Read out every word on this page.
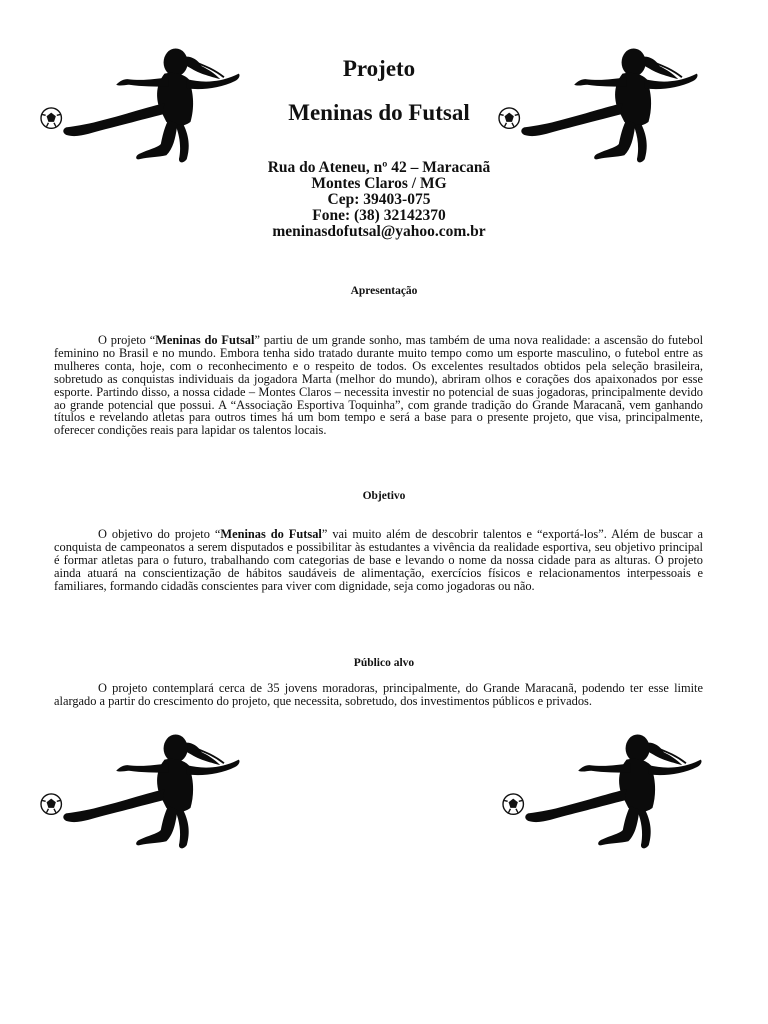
Projeto

Meninas do Futsal

Rua do Ateneu, nº 42 – Maracanã
Montes Claros / MG
Cep: 39403-075
Fone: (38) 32142370
meninasdofutsal@yahoo.com.br
Apresentação

O projeto “Meninas do Futsal” partiu de um grande sonho, mas também de uma nova realidade: a ascensão do futebol feminino no Brasil e no mundo. Embora tenha sido tratado durante muito tempo como um esporte masculino, o futebol entre as mulheres conta, hoje, com o reconhecimento e o respeito de todos. Os excelentes resultados obtidos pela seleção brasileira, sobretudo as conquistas individuais da jogadora Marta (melhor do mundo), abriram olhos e corações dos apaixonados por esse esporte. Partindo disso, a nossa cidade – Montes Claros – necessita investir no potencial de suas jogadoras, principalmente devido ao grande potencial que possui. A “Associação Esportiva Toquinha”, com grande tradição do Grande Maracanã, vem ganhando títulos e revelando atletas para outros times há um bom tempo e será a base para o presente projeto, que visa, principalmente, oferecer condições reais para lapidar os talentos locais.

Objetivo

O objetivo do projeto “Meninas do Futsal” vai muito além de descobrir talentos e “exportá-los”. Além de buscar a conquista de campeonatos a serem disputados e possibilitar às estudantes a vivência da realidade esportiva, seu objetivo principal é formar atletas para o futuro, trabalhando com categorias de base e levando o nome da nossa cidade para as alturas. O projeto ainda atuará na conscientização de hábitos saudáveis de alimentação, exercícios físicos e relacionamentos interpessoais e familiares, formando cidadãs conscientes para viver com dignidade, seja como jogadoras ou não.

Público alvo

O projeto contemplará cerca de 35 jovens moradoras, principalmente, do Grande Maracanã, podendo ter esse limite alargado a partir do crescimento do projeto, que necessita, sobretudo, dos investimentos públicos e privados.
